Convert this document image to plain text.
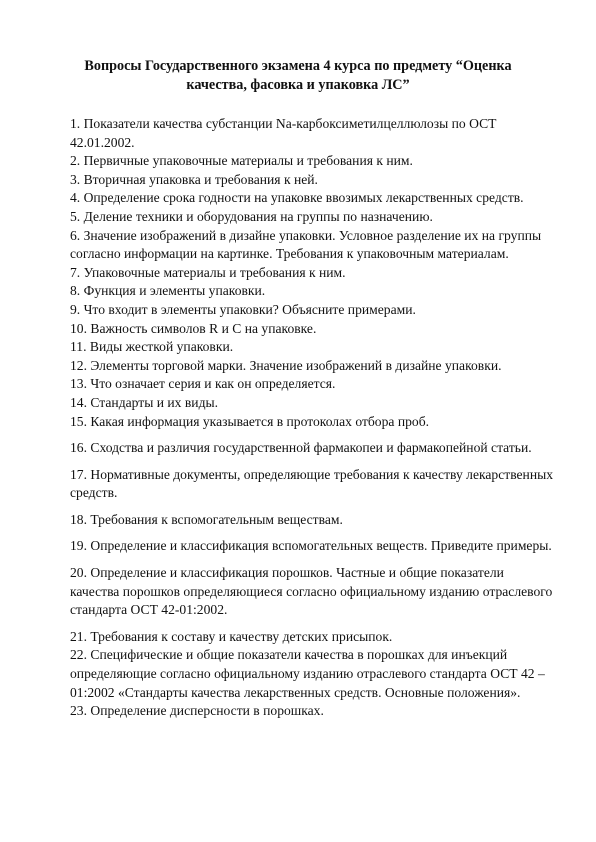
Вопросы Государственного экзамена 4 курса по предмету “Оценка качества, фасовка и упаковка ЛС”
1. Показатели качества субстанции Na-карбоксиметилцеллюлозы по ОСТ 42.01.2002.
2. Первичные упаковочные материалы и требования к ним.
3. Вторичная упаковка и требования к ней.
4. Определение срока годности на упаковке ввозимых лекарственных средств.
5. Деление техники и оборудования на группы по назначению.
6. Значение изображений в дизайне упаковки. Условное разделение их на группы согласно информации на картинке. Требования к упаковочным материалам.
7. Упаковочные материалы и требования к ним.
8. Функция и элементы упаковки.
9. Что входит в элементы упаковки? Объясните примерами.
10. Важность символов R и С на упаковке.
11. Виды жесткой упаковки.
12. Элементы торговой марки. Значение изображений в дизайне упаковки.
13. Что означает серия и как он определяется.
14. Стандарты и их виды.
15. Какая информация указывается в протоколах отбора проб.
16. Сходства и различия государственной фармакопеи и фармакопейной статьи.
17. Нормативные документы, определяющие требования к качеству лекарственных средств.
18. Требования к вспомогательным веществам.
19. Определение и классификация вспомогательных веществ. Приведите примеры.
20. Определение и классификация порошков. Частные и общие показатели качества порошков определяющиеся согласно официальному изданию отраслевого стандарта ОСТ 42-01:2002.
21. Требования к составу и качеству детских присыпок.
22. Специфические и общие показатели качества в порошках для инъекций определяющие согласно официальному изданию отраслевого стандарта ОСТ 42 – 01:2002 «Стандарты качества лекарственных средств. Основные положения».
23. Определение дисперсности в порошках.
